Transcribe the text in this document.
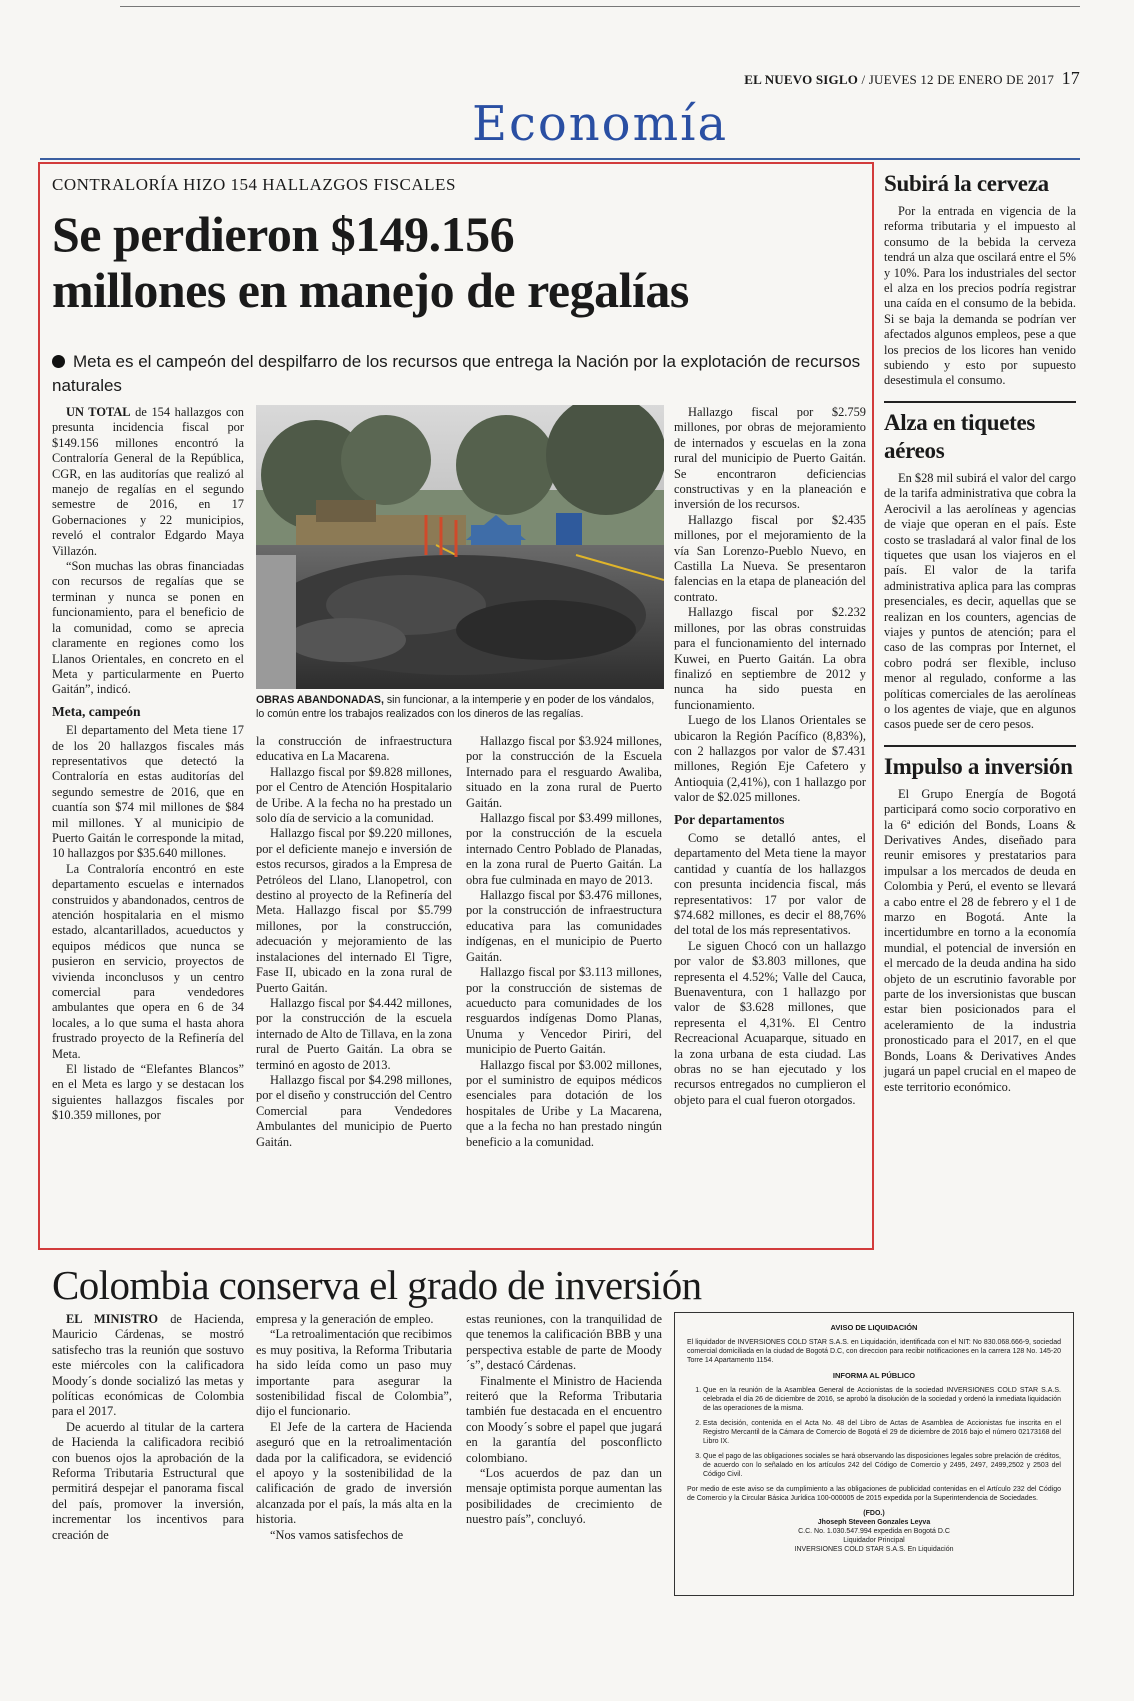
EL NUEVO SIGLO / JUEVES 12 DE ENERO DE 2017 17
Economía
CONTRALORÍA HIZO 154 HALLAZGOS FISCALES
Se perdieron $149.156
millones en manejo de regalías
Meta es el campeón del despilfarro de los recursos que entrega la Nación por la explotación de recursos naturales

UN TOTAL de 154 hallazgos con presunta incidencia fiscal por $149.156 millones encontró la Contraloría General de la República, CGR, en las auditorías que realizó al manejo de regalías en el segundo semestre de 2016, en 17 Gobernaciones y 22 municipios, reveló el contralor Edgardo Maya Villazón.

“Son muchas las obras financiadas con recursos de regalías que se terminan y nunca se ponen en funcionamiento, para el beneficio de la comunidad, como se aprecia claramente en regiones como los Llanos Orientales, en concreto en el Meta y particularmente en Puerto Gaitán”, indicó.

Meta, campeón

El departamento del Meta tiene 17 de los 20 hallazgos fiscales más representativos que detectó la Contraloría en estas auditorías del segundo semestre de 2016, que en cuantía son $74 mil millones de $84 mil millones. Y al municipio de Puerto Gaitán le corresponde la mitad, 10 hallazgos por $35.640 millones.

La Contraloría encontró en este departamento escuelas e internados construidos y abandonados, centros de atención hospitalaria en el mismo estado, alcantarillados, acueductos y equipos médicos que nunca se pusieron en servicio, proyectos de vivienda inconclusos y un centro comercial para vendedores ambulantes que opera en 6 de 34 locales, a lo que suma el hasta ahora frustrado proyecto de la Refinería del Meta.

El listado de “Elefantes Blancos” en el Meta es largo y se destacan los siguientes hallazgos fiscales por $10.359 millones, por

OBRAS ABANDONADAS, sin funcionar, a la intemperie y en poder de los vándalos, lo común entre los trabajos realizados con los dineros de las regalías.

la construcción de infraestructura educativa en La Macarena.

Hallazgo fiscal por $9.828 millones, por el Centro de Atención Hospitalario de Uribe. A la fecha no ha prestado un solo día de servicio a la comunidad.

Hallazgo fiscal por $9.220 millones, por el deficiente manejo e inversión de estos recursos, girados a la Empresa de Petróleos del Llano, Llanopetrol, con destino al proyecto de la Refinería del Meta. Hallazgo fiscal por $5.799 millones, por la construcción, adecuación y mejoramiento de las instalaciones del internado El Tigre, Fase II, ubicado en la zona rural de Puerto Gaitán.

Hallazgo fiscal por $4.442 millones, por la construcción de la escuela internado de Alto de Tillava, en la zona rural de Puerto Gaitán. La obra se terminó en agosto de 2013.

Hallazgo fiscal por $4.298 millones, por el diseño y construcción del Centro Comercial para Vendedores Ambulantes del municipio de Puerto Gaitán.

Hallazgo fiscal por $3.924 millones, por la construcción de la Escuela Internado para el resguardo Awaliba, situado en la zona rural de Puerto Gaitán.

Hallazgo fiscal por $3.499 millones, por la construcción de la escuela internado Centro Poblado de Planadas, en la zona rural de Puerto Gaitán. La obra fue culminada en mayo de 2013.

Hallazgo fiscal por $3.476 millones, por la construcción de infraestructura educativa para las comunidades indígenas, en el municipio de Puerto Gaitán.

Hallazgo fiscal por $3.113 millones, por la construcción de sistemas de acueducto para comunidades de los resguardos indígenas Domo Planas, Unuma y Vencedor Piriri, del municipio de Puerto Gaitán.

Hallazgo fiscal por $3.002 millones, por el suministro de equipos médicos esenciales para dotación de los hospitales de Uribe y La Macarena, que a la fecha no han prestado ningún beneficio a la comunidad.

Hallazgo fiscal por $2.759 millones, por obras de mejoramiento de internados y escuelas en la zona rural del municipio de Puerto Gaitán. Se encontraron deficiencias constructivas y en la planeación e inversión de los recursos.

Hallazgo fiscal por $2.435 millones, por el mejoramiento de la vía San Lorenzo-Pueblo Nuevo, en Castilla La Nueva. Se presentaron falencias en la etapa de planeación del contrato.

Hallazgo fiscal por $2.232 millones, por las obras construidas para el funcionamiento del internado Kuwei, en Puerto Gaitán. La obra finalizó en septiembre de 2012 y nunca ha sido puesta en funcionamiento.

Luego de los Llanos Orientales se ubicaron la Región Pacífico (8,83%), con 2 hallazgos por valor de $7.431 millones, Región Eje Cafetero y Antioquia (2,41%), con 1 hallazgo por valor de $2.025 millones.

Por departamentos

Como se detalló antes, el departamento del Meta tiene la mayor cantidad y cuantía de los hallazgos con presunta incidencia fiscal, más representativos: 17 por valor de $74.682 millones, es decir el 88,76% del total de los más representativos.

Le siguen Chocó con un hallazgo por valor de $3.803 millones, que representa el 4.52%; Valle del Cauca, Buenaventura, con 1 hallazgo por valor de $3.628 millones, que representa el 4,31%. El Centro Recreacional Acuaparque, situado en la zona urbana de esta ciudad. Las obras no se han ejecutado y los recursos entregados no cumplieron el objeto para el cual fueron otorgados.

Subirá la cerveza

Por la entrada en vigencia de la reforma tributaria y el impuesto al consumo de la bebida la cerveza tendrá un alza que oscilará entre el 5% y 10%. Para los industriales del sector el alza en los precios podría registrar una caída en el consumo de la bebida. Si se baja la demanda se podrían ver afectados algunos empleos, pese a que los precios de los licores han venido subiendo y esto por supuesto desestimula el consumo.

Alza en tiquetes aéreos

En $28 mil subirá el valor del cargo de la tarifa administrativa que cobra la Aerocivil a las aerolíneas y agencias de viaje que operan en el país. Este costo se trasladará al valor final de los tiquetes que usan los viajeros en el país. El valor de la tarifa administrativa aplica para las compras presenciales, es decir, aquellas que se realizan en los counters, agencias de viajes y puntos de atención; para el caso de las compras por Internet, el cobro podrá ser flexible, incluso menor al regulado, conforme a las políticas comerciales de las aerolíneas o los agentes de viaje, que en algunos casos puede ser de cero pesos.

Impulso a inversión

El Grupo Energía de Bogotá participará como socio corporativo en la 6ª edición del Bonds, Loans & Derivatives Andes, diseñado para reunir emisores y prestatarios para impulsar a los mercados de deuda en Colombia y Perú, el evento se llevará a cabo entre el 28 de febrero y el 1 de marzo en Bogotá. Ante la incertidumbre en torno a la economía mundial, el potencial de inversión en el mercado de la deuda andina ha sido objeto de un escrutinio favorable por parte de los inversionistas que buscan estar bien posicionados para el aceleramiento de la industria pronosticado para el 2017, en el que Bonds, Loans & Derivatives Andes jugará un papel crucial en el mapeo de este territorio económico.

Colombia conserva el grado de inversión

EL MINISTRO de Hacienda, Mauricio Cárdenas, se mostró satisfecho tras la reunión que sostuvo este miércoles con la calificadora Moody´s donde socializó las metas y políticas económicas de Colombia para el 2017.

De acuerdo al titular de la cartera de Hacienda la calificadora recibió con buenos ojos la aprobación de la Reforma Tributaria Estructural que permitirá despejar el panorama fiscal del país, promover la inversión, incrementar los incentivos para creación de

empresa y la generación de empleo.

“La retroalimentación que recibimos es muy positiva, la Reforma Tributaria ha sido leída como un paso muy importante para asegurar la sostenibilidad fiscal de Colombia”, dijo el funcionario.

El Jefe de la cartera de Hacienda aseguró que en la retroalimentación dada por la calificadora, se evidenció el apoyo y la sostenibilidad de la calificación de grado de inversión alcanzada por el país, la más alta en la historia.

“Nos vamos satisfechos de

estas reuniones, con la tranquilidad de que tenemos la calificación BBB y una perspectiva estable de parte de Moody´s”, destacó Cárdenas.

Finalmente el Ministro de Hacienda reiteró que la Reforma Tributaria también fue destacada en el encuentro con Moody´s sobre el papel que jugará en la garantía del posconflicto colombiano.

“Los acuerdos de paz dan un mensaje optimista porque aumentan las posibilidades de crecimiento de nuestro país”, concluyó.

AVISO DE LIQUIDACIÓN

El liquidador de INVERSIONES COLD STAR S.A.S. en Liquidación, identificada con el NIT: No 830.068.666-9, sociedad comercial domiciliada en la ciudad de Bogotá D.C, con direccion para recibir notificaciones en la carrera 128 No. 145-20 Torre 14 Apartamento 1154.

INFORMA AL PÚBLICO
1. Que en la reunión de la Asamblea General de Accionistas de la sociedad INVERSIONES COLD STAR S.A.S. celebrada el día 26 de diciembre de 2016, se aprobó la disolución de la sociedad y ordenó la inmediata liquidación de las operaciones de la misma.
2. Esta decisión, contenida en el Acta No. 48 del Libro de Actas de Asamblea de Accionistas fue inscrita en el Registro Mercantil de la Cámara de Comercio de Bogotá el 29 de diciembre de 2016 bajo el número 02173168 del Libro IX.
3. Que el pago de las obligaciones sociales se hará observando las disposiciones legales sobre prelación de créditos, de acuerdo con lo señalado en los artículos 242 del Código de Comercio y 2495, 2497, 2499,2502 y 2503 del Código Civil.

Por medio de este aviso se da cumplimiento a las obligaciones de publicidad contenidas en el Artículo 232 del Código de Comercio y la Circular Básica Jurídica 100-000005 de 2015 expedida por la Superintendencia de Sociedades.

(FDO.)
Jhoseph Steveen Gonzales Leyva
C.C. No. 1.030.547.994 expedida en Bogotá D.C
Liquidador Principal
INVERSIONES COLD STAR S.A.S. En Liquidación
